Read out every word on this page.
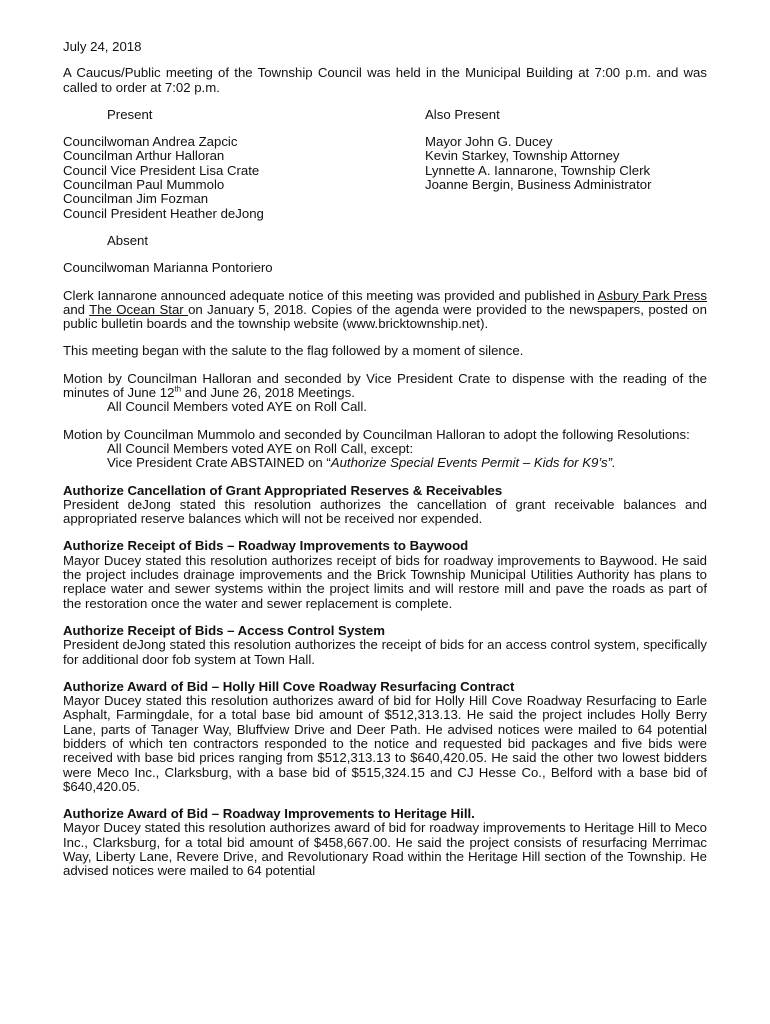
July 24, 2018

A Caucus/Public meeting of the Township Council was held in the Municipal Building at 7:00 p.m. and was called to order at 7:02 p.m.

Present

Councilwoman Andrea Zapcic

Councilman Arthur Halloran

Council Vice President Lisa Crate

Councilman Paul Mummolo

Councilman Jim Fozman

Council President Heather deJong

Also Present

Mayor John G. Ducey

Kevin Starkey, Township Attorney

Lynnette A. Iannarone, Township Clerk

Joanne Bergin, Business Administrator

Absent

Councilwoman Marianna Pontoriero

Clerk Iannarone announced adequate notice of this meeting was provided and published in Asbury Park Press and The Ocean Star on January 5, 2018. Copies of the agenda were provided to the newspapers, posted on public bulletin boards and the township website (www.bricktownship.net).

This meeting began with the salute to the flag followed by a moment of silence.

Motion by Councilman Halloran and seconded by Vice President Crate to dispense with the reading of the minutes of June 12th and June 26, 2018 Meetings.

All Council Members voted AYE on Roll Call.

Motion by Councilman Mummolo and seconded by Councilman Halloran to adopt the following Resolutions:

All Council Members voted AYE on Roll Call, except:

Vice President Crate ABSTAINED on “Authorize Special Events Permit – Kids for K9’s”.

Authorize Cancellation of Grant Appropriated Reserves & Receivables

President deJong stated this resolution authorizes the cancellation of grant receivable balances and appropriated reserve balances which will not be received nor expended.

Authorize Receipt of Bids – Roadway Improvements to Baywood

Mayor Ducey stated this resolution authorizes receipt of bids for roadway improvements to Baywood. He said the project includes drainage improvements and the Brick Township Municipal Utilities Authority has plans to replace water and sewer systems within the project limits and will restore mill and pave the roads as part of the restoration once the water and sewer replacement is complete.

Authorize Receipt of Bids – Access Control System

President deJong stated this resolution authorizes the receipt of bids for an access control system, specifically for additional door fob system at Town Hall.

Authorize Award of Bid – Holly Hill Cove Roadway Resurfacing Contract

Mayor Ducey stated this resolution authorizes award of bid for Holly Hill Cove Roadway Resurfacing to Earle Asphalt, Farmingdale, for a total base bid amount of $512,313.13. He said the project includes Holly Berry Lane, parts of Tanager Way, Bluffview Drive and Deer Path. He advised notices were mailed to 64 potential bidders of which ten contractors responded to the notice and requested bid packages and five bids were received with base bid prices ranging from $512,313.13 to $640,420.05. He said the other two lowest bidders were Meco Inc., Clarksburg, with a base bid of $515,324.15 and CJ Hesse Co., Belford with a base bid of $640,420.05.

Authorize Award of Bid – Roadway Improvements to Heritage Hill.

Mayor Ducey stated this resolution authorizes award of bid for roadway improvements to Heritage Hill to Meco Inc., Clarksburg, for a total bid amount of $458,667.00. He said the project consists of resurfacing Merrimac Way, Liberty Lane, Revere Drive, and Revolutionary Road within the Heritage Hill section of the Township. He advised notices were mailed to 64 potential
